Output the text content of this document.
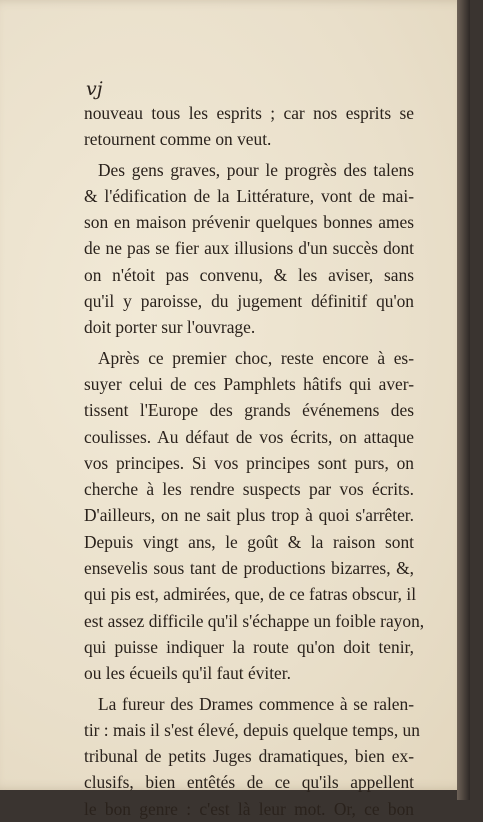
vj
nouveau tous les esprits ; car nos esprits se
retournent comme on veut.
Des gens graves, pour le progrès des talens
& l'édification de la Littérature, vont de mai-
son en maison prévenir quelques bonnes ames
de ne pas se fier aux illusions d'un succès dont
on n'étoit pas convenu, & les aviser, sans
qu'il y paroisse, du jugement définitif qu'on
doit porter sur l'ouvrage.
Après ce premier choc, reste encore à es-
suyer celui de ces Pamphlets hâtifs qui aver-
tissent l'Europe des grands événemens des
coulisses. Au défaut de vos écrits, on attaque
vos principes. Si vos principes sont purs, on
cherche à les rendre suspects par vos écrits.
D'ailleurs, on ne sait plus trop à quoi s'arrêter.
Depuis vingt ans, le goût & la raison sont
ensevelis sous tant de productions bizarres, &,
qui pis est, admirées, que, de ce fatras obscur, il
est assez difficile qu'il s'échappe un foible rayon,
qui puisse indiquer la route qu'on doit tenir,
ou les écueils qu'il faut éviter.
La fureur des Drames commence à se ralen-
tir : mais il s'est élevé, depuis quelque temps, un
tribunal de petits Juges dramatiques, bien ex-
clusifs, bien entêtés de ce qu'ils appellent
le bon genre : c'est là leur mot. Or, ce bon
